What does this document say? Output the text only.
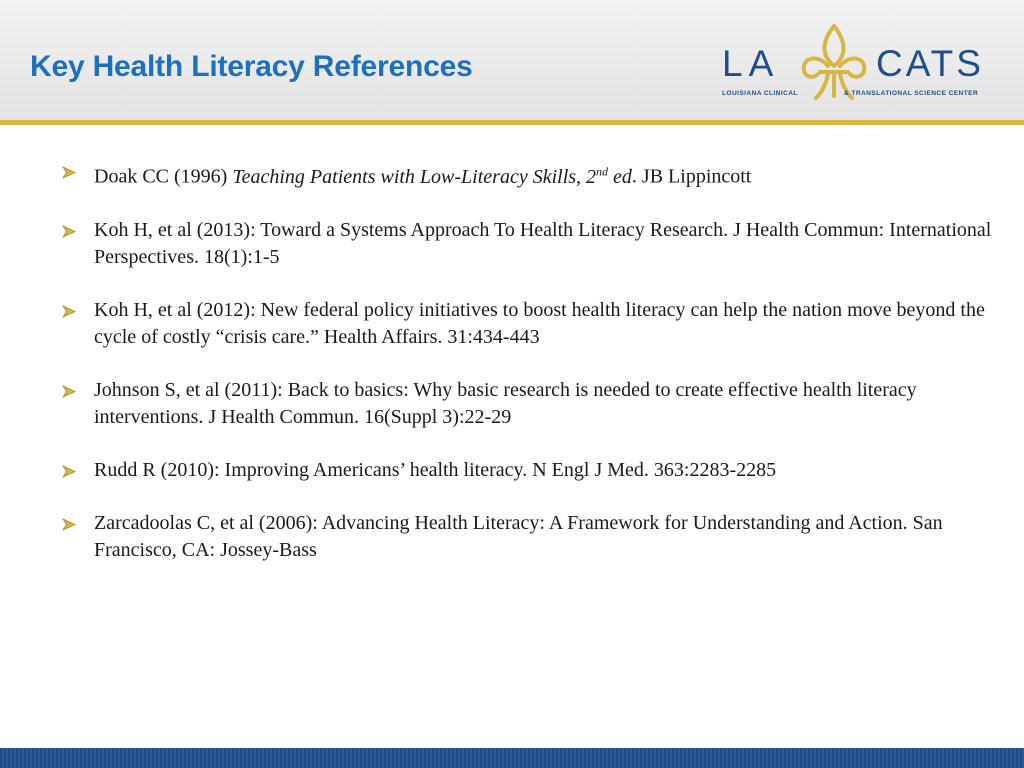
Key Health Literacy References	LA	CATS
LOUISIANA CLINICAL	& TRANSLATIONAL SCIENCE CENTER
Doak CC (1996) Teaching Patients with Low-Literacy Skills, 2nd ed. JB Lippincott
Koh H, et al (2013): Toward a Systems Approach To Health Literacy Research. J Health Commun: International Perspectives. 18(1):1-5
Koh H, et al (2012): New federal policy initiatives to boost health literacy can help the nation move beyond the cycle of costly “crisis care.” Health Affairs. 31:434-443
Johnson S, et al (2011): Back to basics: Why basic research is needed to create effective health literacy interventions. J Health Commun. 16(Suppl 3):22-29
Rudd R (2010): Improving Americans’ health literacy. N Engl J Med. 363:2283-2285
Zarcadoolas C, et al (2006): Advancing Health Literacy: A Framework for Understanding and Action. San Francisco, CA: Jossey-Bass
